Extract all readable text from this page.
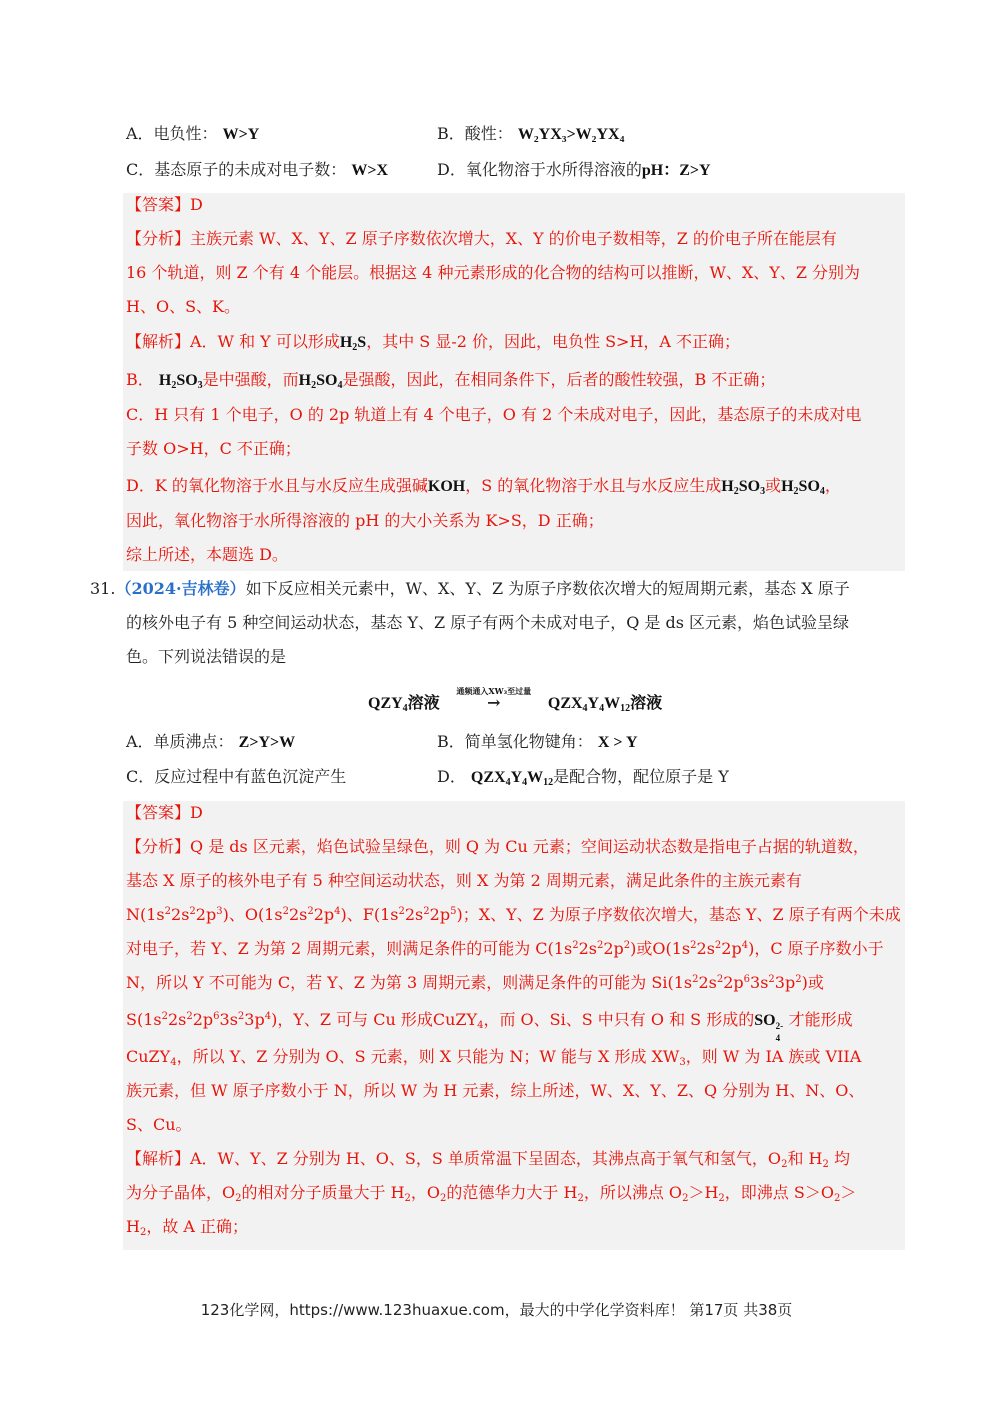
A．电负性： W>Y	B．酸性： W₂YX₃>W₂YX₄
C．基态原子的未成对电子数： W>X	D．氧化物溶于水所得溶液的pH：Z>Y
【答案】D
【分析】主族元素 W、X、Y、Z 原子序数依次增大，X、Y 的价电子数相等，Z 的价电子所在能层有
16 个轨道，则 Z 个有 4 个能层。根据这 4 种元素形成的化合物的结构可以推断，W、X、Y、Z 分别为
H、O、S、K。
【解析】A．W 和 Y 可以形成$H_2S$，其中 S 显-2 价，因此，电负性 S>H，A 不正确；
B． $H_2SO_3$是中强酸，而$H_2SO_4$是强酸，因此，在相同条件下，后者的酸性较强，B 不正确；
C．H 只有 1 个电子，O 的 2p 轨道上有 4 个电子，O 有 2 个未成对电子，因此，基态原子的未成对电
子数 O>H，C 不正确；
D．K 的氧化物溶于水且与水反应生成强碱KOH，S 的氧化物溶于水且与水反应生成$H_2SO_3$或$H_2SO_4$，
因此，氧化物溶于水所得溶液的 pH 的大小关系为 K>S，D 正确；
综上所述，本题选 D。
31.（2024·吉林卷）如下反应相关元素中，W、X、Y、Z 为原子序数依次增大的短周期元素，基态 X 原子
的核外电子有 5 种空间运动状态，基态 Y、Z 原子有两个未成对电子，Q 是 ds 区元素，焰色试验呈绿
色。下列说法错误的是
$QZY_4$溶液
通频通入XW₃至过量
→	$QZX_4Y_4W_{12}$溶液
A．单质沸点： Z>Y>W	B．简单氢化物键角： X > Y
C．反应过程中有蓝色沉淀产生	D． $QZX_4Y_4W_{12}$是配合物，配位原子是 Y
【答案】D
【分析】Q 是 ds 区元素，焰色试验呈绿色，则 Q 为 Cu 元素；空间运动状态数是指电子占据的轨道数，
基态 X 原子的核外电子有 5 种空间运动状态，则 X 为第 2 周期元素，满足此条件的主族元素有
$N(1s^22s^22p^3)$、$O(1s^22s^22p^4)$、$F(1s^22s^22p^5)$；X、Y、Z 为原子序数依次增大，基态 Y、Z 原子有两个未成
对电子，若 Y、Z 为第 2 周期元素，则满足条件的可能为 $C(1s^22s^22p^2)$或$O(1s^22s^22p^4)$，C 原子序数小于
N，所以 Y 不可能为 C，若 Y、Z 为第 3 周期元素，则满足条件的可能为 $Si(1s^22s^22p^63s^23p^2)$或
$S(1s^22s^22p^63s^23p^4)$，Y、Z 可与 Cu 形成CuZY$_4$，而 O、Si、S 中只有 O 和 S 形成的SO 2-
4
才能形成
CuZY$_4$，所以 Y、Z 分别为 O、S 元素，则 X 只能为 N；W 能与 X 形成 $XW_3$，则 W 为 IA 族或 VIIA
族元素，但 W 原子序数小于 N，所以 W 为 H 元素，综上所述，W、X、Y、Z、Q 分别为 H、N、O、
S、Cu。
【解析】A．W、Y、Z 分别为 H、O、S，S 单质常温下呈固态，其沸点高于氧气和氢气，$O_2$和 $H_2$ 均
为分子晶体，$O_2$的相对分子质量大于 $H_2$，$O_2$的范德华力大于 $H_2$，所以沸点 $O_2>H_2$，即沸点 $S>O_2>$
$H_2$，故 A 正确；
123化学网，https://www.123huaxue.com，最大的中学化学资料库！ 第17页 共38页
